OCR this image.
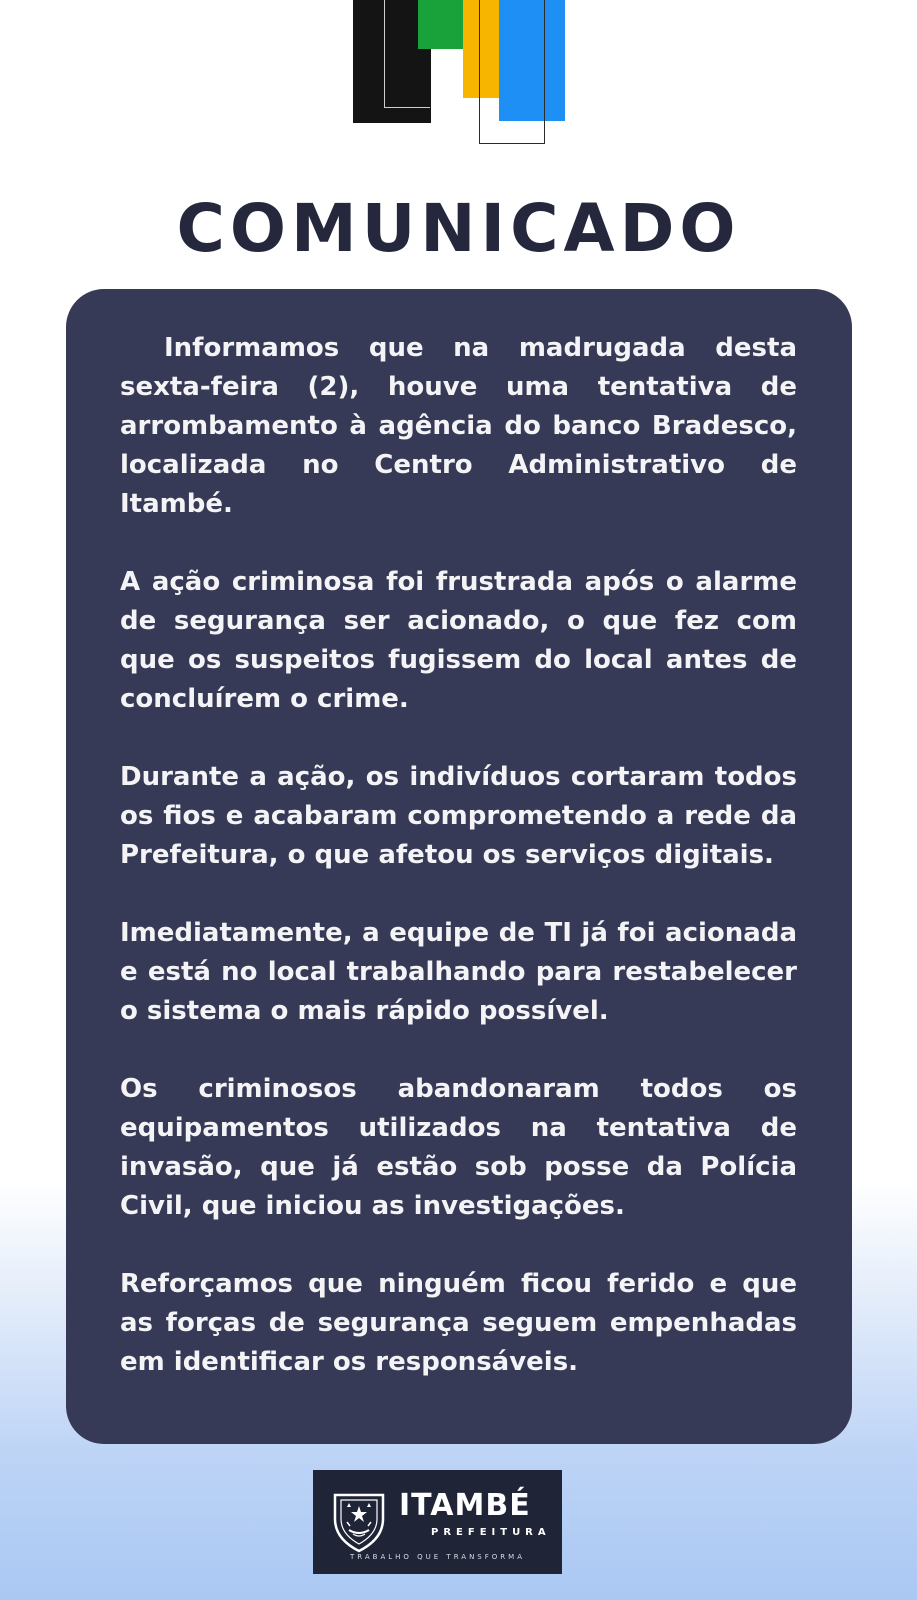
COMUNICADO

Informamos que na madrugada desta sexta-feira (2), houve uma tentativa de arrombamento à agência do banco Bradesco, localizada no Centro Administrativo de Itambé.

A ação criminosa foi frustrada após o alarme de segurança ser acionado, o que fez com que os suspeitos fugissem do local antes de concluírem o crime.

Durante a ação, os indivíduos cortaram todos os fios e acabaram comprometendo a rede da Prefeitura, o que afetou os serviços digitais.

Imediatamente, a equipe de TI já foi acionada e está no local trabalhando para restabelecer o sistema o mais rápido possível.

Os criminosos abandonaram todos os equipamentos utilizados na tentativa de invasão, que já estão sob posse da Polícia Civil, que iniciou as investigações.

Reforçamos que ninguém ficou ferido e que as forças de segurança seguem empenhadas em identificar os responsáveis.

ITAMBÉ
PREFEITURA
TRABALHO QUE TRANSFORMA
